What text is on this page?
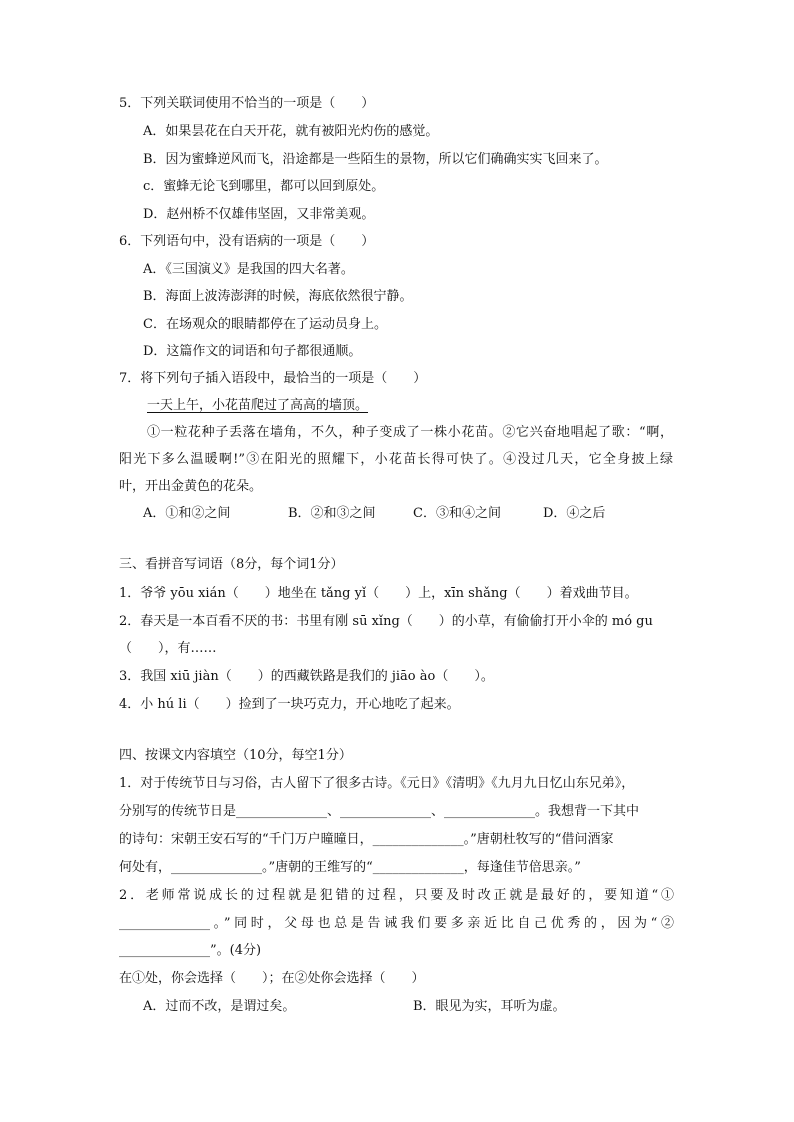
5．下列关联词使用不恰当的一项是（　　）
A．如果昙花在白天开花，就有被阳光灼伤的感觉。
B．因为蜜蜂逆风而飞，沿途都是一些陌生的景物，所以它们确确实实飞回来了。
c．蜜蜂无论飞到哪里，都可以回到原处。
D．赵州桥不仅雄伟坚固，又非常美观。
6．下列语句中，没有语病的一项是（　　）
A．《三国演义》是我国的四大名著。
B．海面上波涛澎湃的时候，海底依然很宁静。
C．在场观众的眼睛都停在了运动员身上。
D．这篇作文的词语和句子都很通顺。
7．将下列句子插入语段中，最恰当的一项是（　　）
一天上午，小花苗爬过了高高的墙顶。
①一粒花种子丢落在墙角，不久，种子变成了一株小花苗。②它兴奋地唱起了歌：“啊，
阳光下多么温暖啊!”③在阳光的照耀下，小花苗长得可快了。④没过几天，它全身披上绿
叶，开出金黄色的花朵。
A．①和②之间	B．②和③之间	C．③和④之间	D．④之后
三、看拼音写词语（8分，每个词1分）
1．爷爷 yōu xián（　　）地坐在 tǎng yǐ（　　）上，xīn shǎng（　　）着戏曲节目。
2．春天是一本百看不厌的书：书里有刚 sū xǐng（　　）的小草，有偷偷打开小伞的 mó gu
（　　），有……
3．我国 xiū jiàn（　　）的西藏铁路是我们的 jiāo ào（　　）。
4．小 hú li（　　）捡到了一块巧克力，开心地吃了起来。
四、按课文内容填空（10分，每空1分）
1．对于传统节日与习俗，古人留下了很多古诗。《元日》《清明》《九月九日忆山东兄弟》，
分别写的传统节日是______________、______________、______________。我想背一下其中
的诗句：宋朝王安石写的“千门万户曈曈日，______________。”唐朝杜牧写的“借问酒家
何处有，______________。”唐朝的王维写的“______________，每逢佳节倍思亲。”
2．老师常说成长的过程就是犯错的过程，只要及时改正就是最好的，要知道“①
______________。”同时，父母也总是告诫我们要多亲近比自己优秀的，因为“②
______________”。(4分)
在①处，你会选择（　　）；在②处你会选择（　　）
A．过而不改，是谓过矣。	B．眼见为实，耳听为虚。
